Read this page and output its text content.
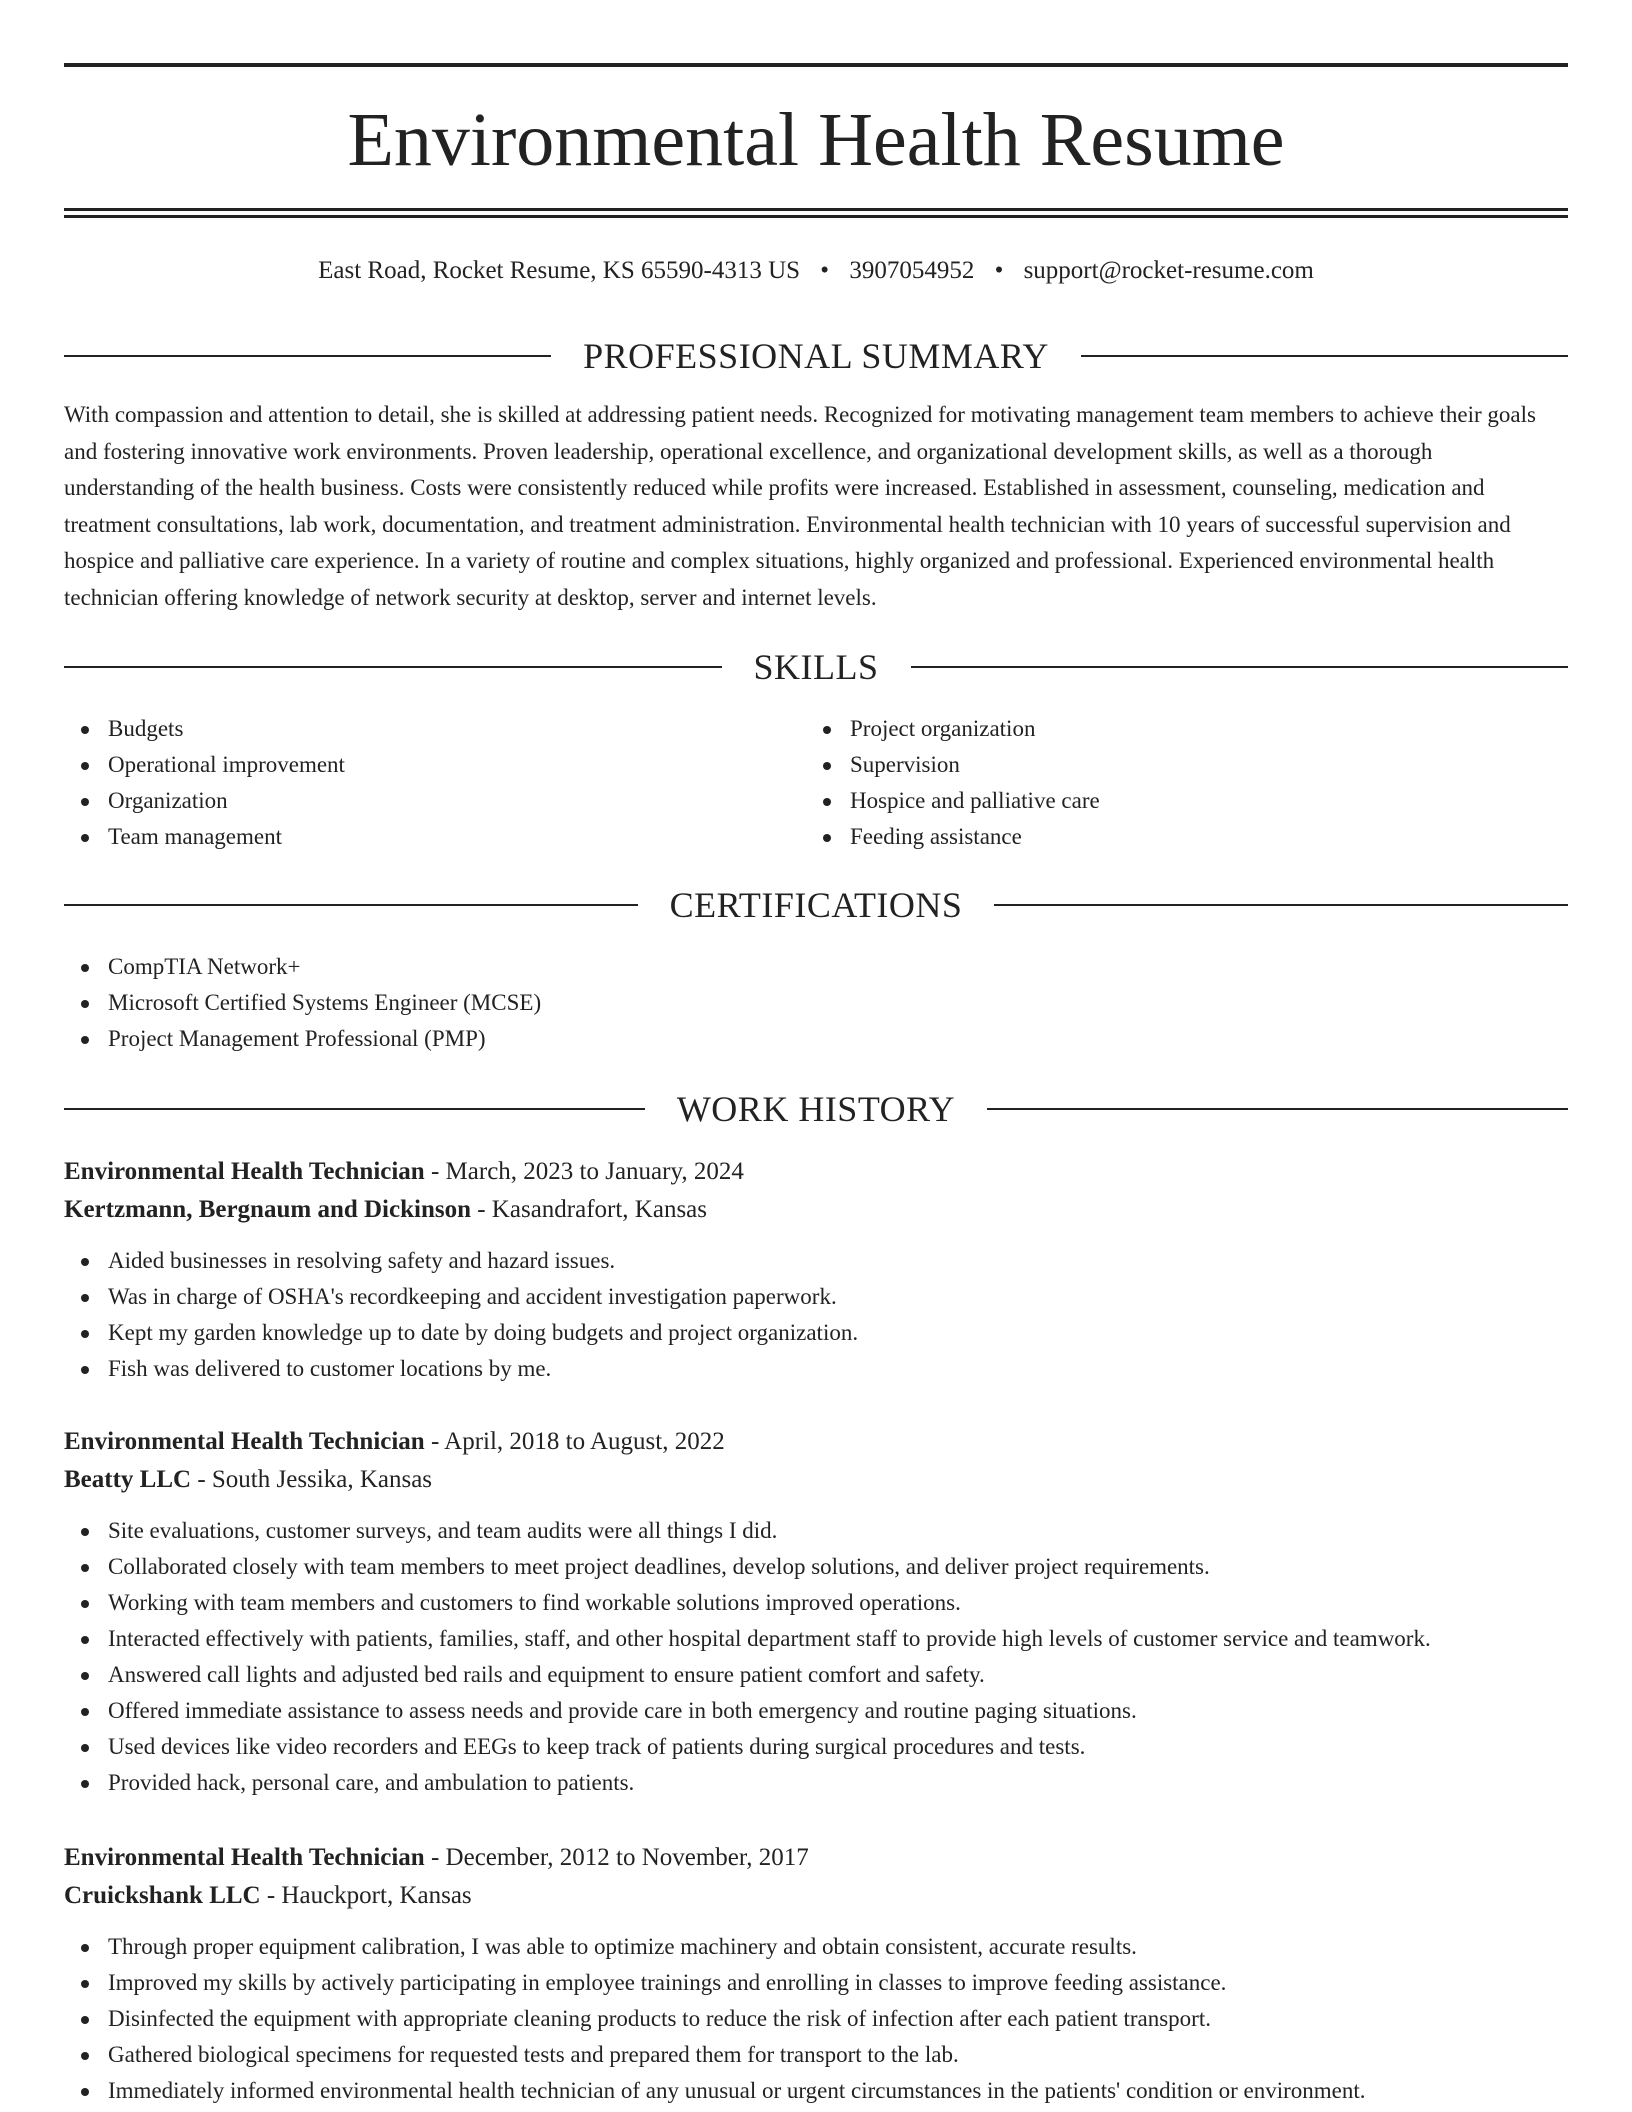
Environmental Health Resume
East Road, Rocket Resume, KS 65590-4313 US • 3907054952 • support@rocket-resume.com
PROFESSIONAL SUMMARY

With compassion and attention to detail, she is skilled at addressing patient needs. Recognized for motivating management team members to achieve their goals and fostering innovative work environments. Proven leadership, operational excellence, and organizational development skills, as well as a thorough understanding of the health business. Costs were consistently reduced while profits were increased. Established in assessment, counseling, medication and treatment consultations, lab work, documentation, and treatment administration. Environmental health technician with 10 years of successful supervision and hospice and palliative care experience. In a variety of routine and complex situations, highly organized and professional. Experienced environmental health technician offering knowledge of network security at desktop, server and internet levels.

SKILLS
Budgets
Operational improvement
Organization
Team management
Project organization
Supervision
Hospice and palliative care
Feeding assistance
CERTIFICATIONS
CompTIA Network+
Microsoft Certified Systems Engineer (MCSE)
Project Management Professional (PMP)
WORK HISTORY
Environmental Health Technician - March, 2023 to January, 2024
Kertzmann, Bergnaum and Dickinson - Kasandrafort, Kansas
Aided businesses in resolving safety and hazard issues.
Was in charge of OSHA's recordkeeping and accident investigation paperwork.
Kept my garden knowledge up to date by doing budgets and project organization.
Fish was delivered to customer locations by me.
Environmental Health Technician - April, 2018 to August, 2022
Beatty LLC - South Jessika, Kansas
Site evaluations, customer surveys, and team audits were all things I did.
Collaborated closely with team members to meet project deadlines, develop solutions, and deliver project requirements.
Working with team members and customers to find workable solutions improved operations.
Interacted effectively with patients, families, staff, and other hospital department staff to provide high levels of customer service and teamwork.
Answered call lights and adjusted bed rails and equipment to ensure patient comfort and safety.
Offered immediate assistance to assess needs and provide care in both emergency and routine paging situations.
Used devices like video recorders and EEGs to keep track of patients during surgical procedures and tests.
Provided hack, personal care, and ambulation to patients.
Environmental Health Technician - December, 2012 to November, 2017
Cruickshank LLC - Hauckport, Kansas
Through proper equipment calibration, I was able to optimize machinery and obtain consistent, accurate results.
Improved my skills by actively participating in employee trainings and enrolling in classes to improve feeding assistance.
Disinfected the equipment with appropriate cleaning products to reduce the risk of infection after each patient transport.
Gathered biological specimens for requested tests and prepared them for transport to the lab.
Immediately informed environmental health technician of any unusual or urgent circumstances in the patients' condition or environment.
